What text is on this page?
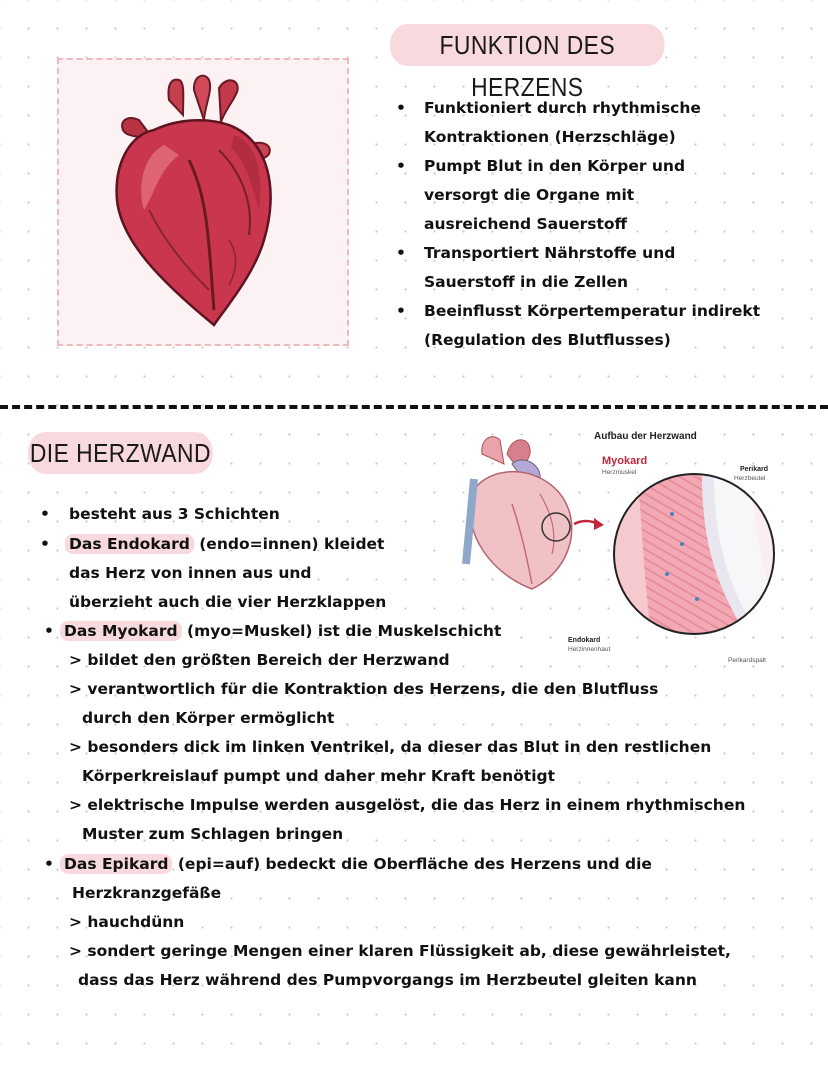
FUNKTION DES HERZENS
• Funktioniert durch rhythmische Kontraktionen (Herzschläge)
• Pumpt Blut in den Körper und versorgt die Organe mit ausreichend Sauerstoff
• Transportiert Nährstoffe und Sauerstoff in die Zellen
• Beeinflusst Körpertemperatur indirekt (Regulation des Blutflusses)
DIE HERZWAND
Aufbau der Herzwand
Myokard
Herzmuskel	Perikard
Herzbeutel
Endokard
Herzinnenhaut
Perikardspalt
• besteht aus 3 Schichten
• Das Endokard (endo=innen) kleidet
das Herz von innen aus und
überzieht auch die vier Herzklappen
• Das Myokard (myo=Muskel) ist die Muskelschicht
> bildet den größten Bereich der Herzwand
> verantwortlich für die Kontraktion des Herzens, die den Blutfluss
durch den Körper ermöglicht
> besonders dick im linken Ventrikel, da dieser das Blut in den restlichen
Körperkreislauf pumpt und daher mehr Kraft benötigt
> elektrische Impulse werden ausgelöst, die das Herz in einem rhythmischen
Muster zum Schlagen bringen
• Das Epikard (epi=auf) bedeckt die Oberfläche des Herzens und die
Herzkranzgefäße
> hauchdünn
> sondert geringe Mengen einer klaren Flüssigkeit ab, diese gewährleistet,
dass das Herz während des Pumpvorgangs im Herzbeutel gleiten kann
